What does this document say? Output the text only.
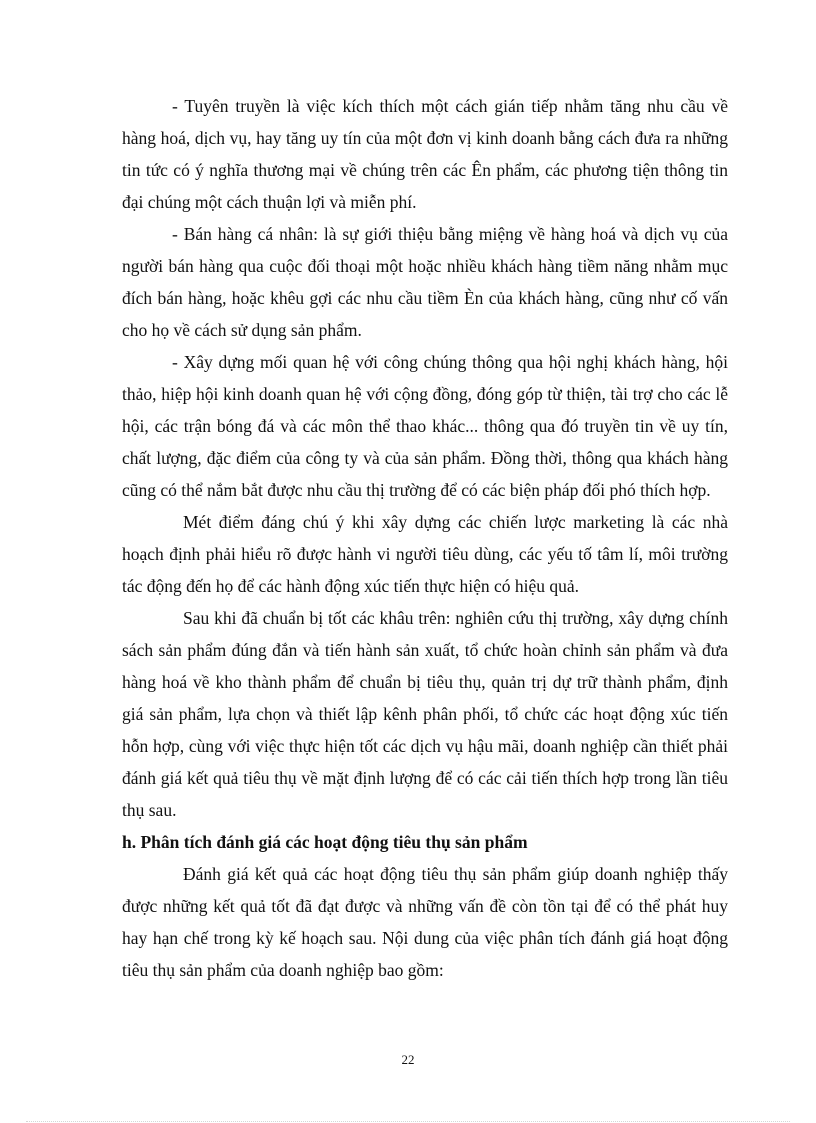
- Tuyên truyền là việc kích thích một cách gián tiếp nhằm tăng nhu cầu về hàng hoá, dịch vụ, hay tăng uy tín của một đơn vị kinh doanh bằng cách đưa ra những tin tức có ý nghĩa thương mại về chúng trên các Ên phẩm, các phương tiện thông tin đại chúng một cách thuận lợi và miễn phí.

- Bán hàng cá nhân: là sự giới thiệu bằng miệng về hàng hoá và dịch vụ của người bán hàng qua cuộc đối thoại một hoặc nhiều khách hàng tiềm năng nhằm mục đích bán hàng, hoặc khêu gợi các nhu cầu tiềm Èn của khách hàng, cũng như cố vấn cho họ về cách sử dụng sản phẩm.

- Xây dựng mối quan hệ với công chúng thông qua hội nghị khách hàng, hội thảo, hiệp hội kinh doanh quan hệ với cộng đồng, đóng góp từ thiện, tài trợ cho các lễ hội, các trận bóng đá và các môn thể thao khác... thông qua đó truyền tin về uy tín, chất lượng, đặc điểm của công ty và của sản phẩm. Đồng thời, thông qua khách hàng cũng có thể nắm bắt được nhu cầu thị trường để có các biện pháp đối phó thích hợp.

Mét điểm đáng chú ý khi xây dựng các chiến lược marketing là các nhà hoạch định phải hiểu rõ được hành vi người tiêu dùng, các yếu tố tâm lí, môi trường tác động đến họ để các hành động xúc tiến thực hiện có hiệu quả.

Sau khi đã chuẩn bị tốt các khâu trên: nghiên cứu thị trường, xây dựng chính sách sản phẩm đúng đắn và tiến hành sản xuất, tổ chức hoàn chỉnh sản phẩm và đưa hàng hoá về kho thành phẩm để chuẩn bị tiêu thụ, quản trị dự trữ thành phẩm, định giá sản phẩm, lựa chọn và thiết lập kênh phân phối, tổ chức các hoạt động xúc tiến hỗn hợp, cùng với việc thực hiện tốt các dịch vụ hậu mãi, doanh nghiệp cần thiết phải đánh giá kết quả tiêu thụ về mặt định lượng để có các cải tiến thích hợp trong lần tiêu thụ sau.

h. Phân tích đánh giá các hoạt động tiêu thụ sản phẩm

Đánh giá kết quả các hoạt động tiêu thụ sản phẩm giúp doanh nghiệp thấy được những kết quả tốt đã đạt được và những vấn đề còn tồn tại để có thể phát huy hay hạn chế trong kỳ kế hoạch sau. Nội dung của việc phân tích đánh giá hoạt động tiêu thụ sản phẩm của doanh nghiệp bao gồm:

22
